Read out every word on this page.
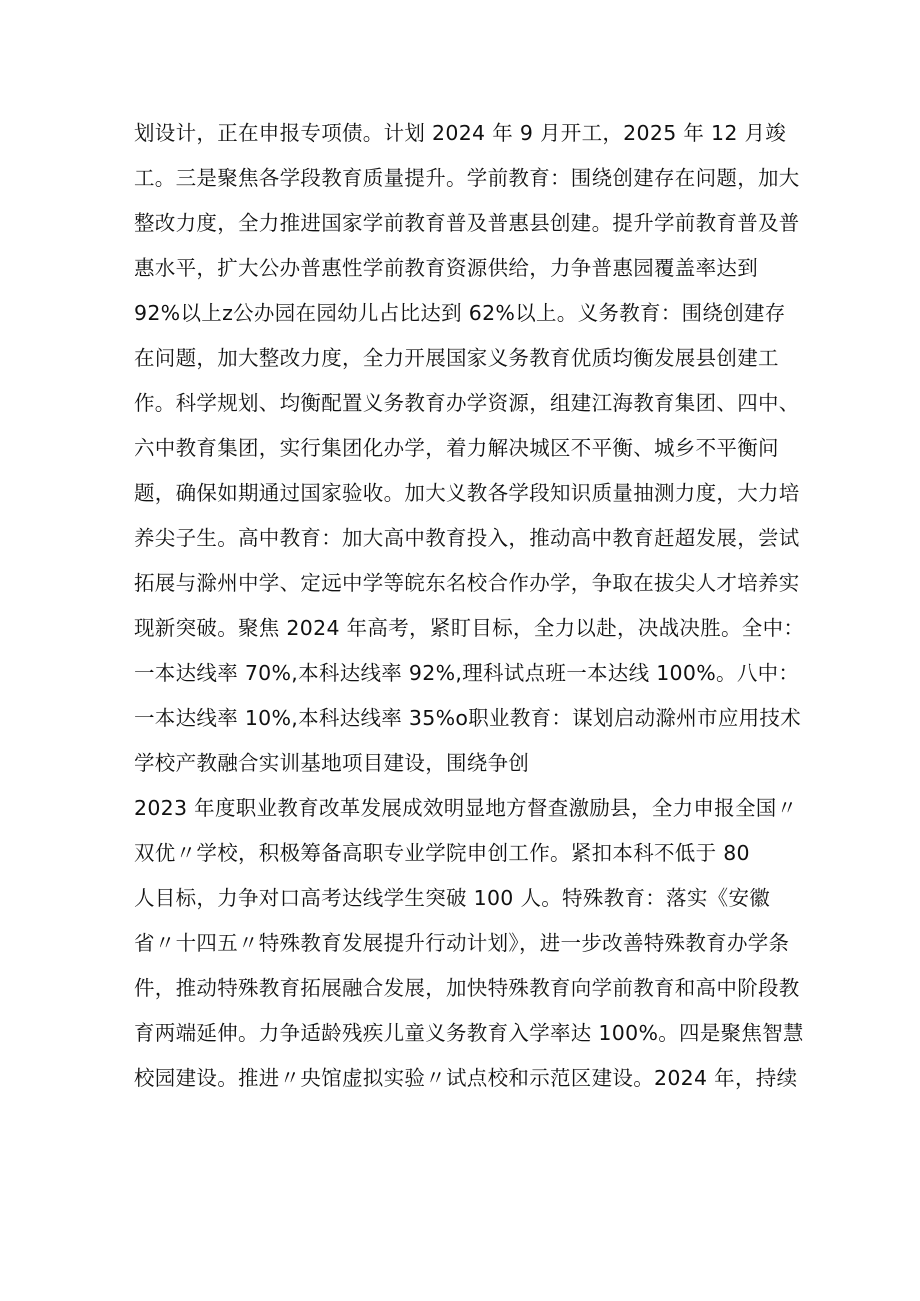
划设计，正在申报专项债。计划 2024 年 9 月开工，2025 年 12 月竣
工。三是聚焦各学段教育质量提升。学前教育：围绕创建存在问题，加大
整改力度，全力推进国家学前教育普及普惠县创建。提升学前教育普及普
惠水平，扩大公办普惠性学前教育资源供给，力争普惠园覆盖率达到
92%以上z公办园在园幼儿占比达到 62%以上。义务教育：围绕创建存
在问题，加大整改力度，全力开展国家义务教育优质均衡发展县创建工
作。科学规划、均衡配置义务教育办学资源，组建江海教育集团、四中、
六中教育集团，实行集团化办学，着力解决城区不平衡、城乡不平衡问
题，确保如期通过国家验收。加大义教各学段知识质量抽测力度，大力培
养尖子生。高中教育：加大高中教育投入，推动高中教育赶超发展，尝试
拓展与滁州中学、定远中学等皖东名校合作办学，争取在拔尖人才培养实
现新突破。聚焦 2024 年高考，紧盯目标，全力以赴，决战决胜。全中：
一本达线率 70%,本科达线率 92%,理科试点班一本达线 100%。八中：
一本达线率 10%,本科达线率 35%o职业教育：谋划启动滁州市应用技术
学校产教融合实训基地项目建设，围绕争创
2023 年度职业教育改革发展成效明显地方督查激励县，全力申报全国〃
双优〃学校，积极筹备高职专业学院申创工作。紧扣本科不低于 80
人目标，力争对口高考达线学生突破 100 人。特殊教育：落实《安徽
省〃十四五〃特殊教育发展提升行动计划》，进一步改善特殊教育办学条
件，推动特殊教育拓展融合发展，加快特殊教育向学前教育和高中阶段教
育两端延伸。力争适龄残疾儿童义务教育入学率达 100%。四是聚焦智慧
校园建设。推进〃央馆虚拟实验〃试点校和示范区建设。2024 年，持续
